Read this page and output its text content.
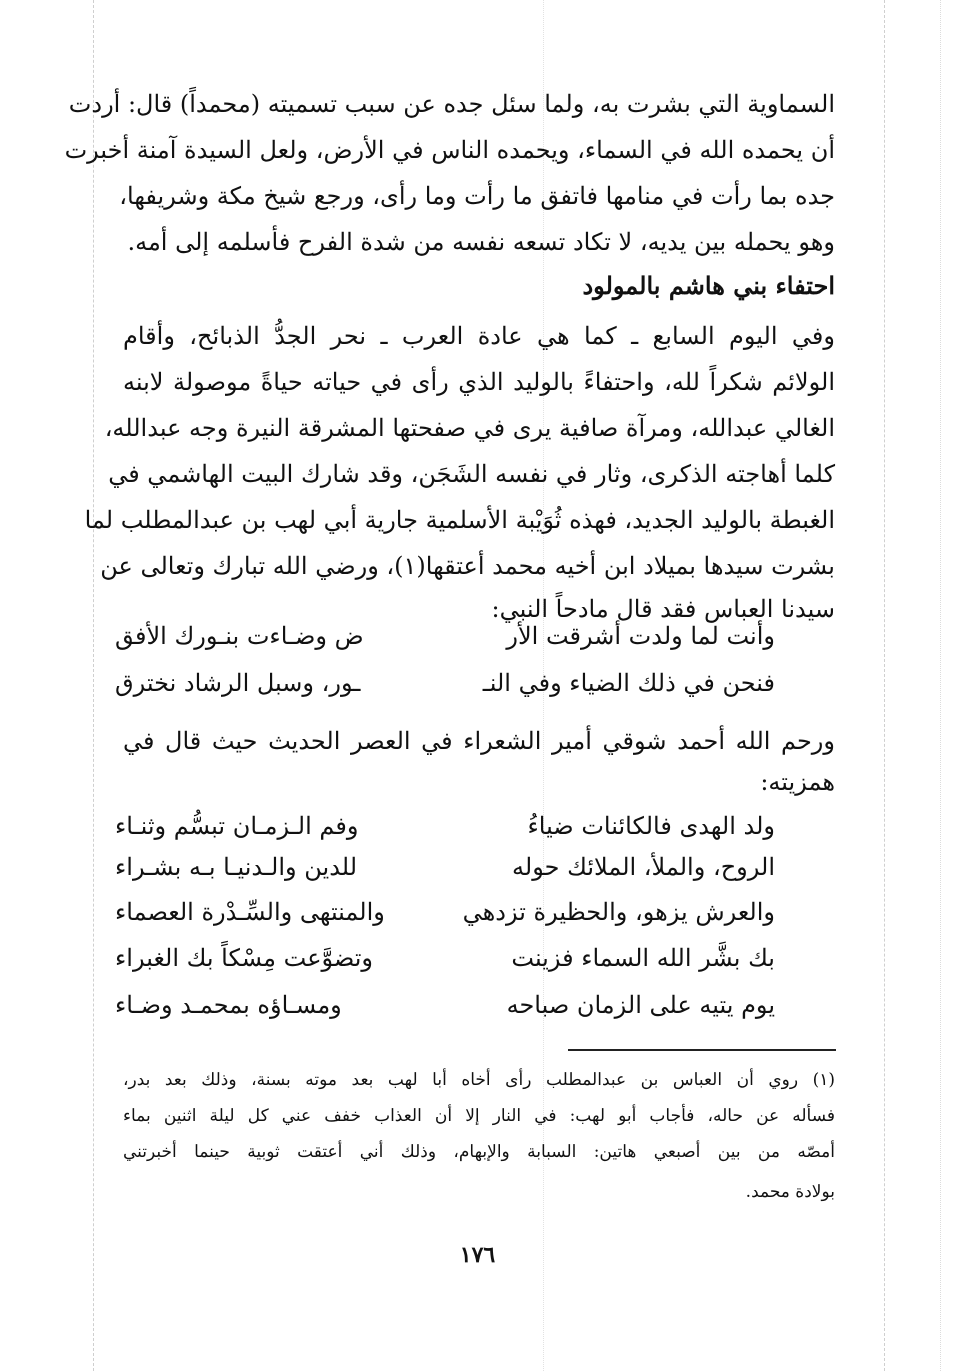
السماوية التي بشرت به، ولما سئل جده عن سبب تسميته (محمداً) قال: أردت
أن يحمده الله في السماء، ويحمده الناس في الأرض، ولعل السيدة آمنة أخبرت
جده بما رأت في منامها فاتفق ما رأت وما رأى، ورجع شيخ مكة وشريفها،
وهو يحمله بين يديه، لا تكاد تسعه نفسه من شدة الفرح فأسلمه إلى أمه.
احتفاء بني هاشم بالمولود
وفي اليوم السابع ـ كما هي عادة العرب ـ نحر الجدُّ الذبائح، وأقام
الولائم شكراً لله، واحتفاءً بالوليد الذي رأى في حياته حياةً موصولة لابنه
الغالي عبدالله، ومرآة صافية يرى في صفحتها المشرقة النيرة وجه عبدالله،
كلما أهاجته الذكرى، وثار في نفسه الشَجَن، وقد شارك البيت الهاشمي في
الغبطة بالوليد الجديد، فهذه ثُوَيْبة الأسلمية جارية أبي لهب بن عبدالمطلب لما
بشرت سيدها بميلاد ابن أخيه محمد أعتقها(١)، ورضي الله تبارك وتعالى عن
سيدنا العباس فقد قال مادحاً النبي:
وأنت لما ولدت أشرقت الأر
ض وضـاءت بنـورك الأفق
فنحن في ذلك الضياء وفي النـ
ـور، وسبل الرشاد نخترق
ورحم الله أحمد شوقي أمير الشعراء في العصر الحديث حيث قال في
همزيته:
ولد الهدى فالكائنات ضياءُ
وفم الـزمـان تبسُّم وثنـاء
الروح، والملأ، الملائك حوله
للدين والـدنيـا بـه بشـراء
والعرش يزهو، والحظيرة تزدهي
والمنتهى والسِّـدْرة العصماء
بك بشَّر الله السماء فزينت
وتضوَّعت مِسْكاً بك الغبراء
يوم يتيه على الزمان صباحه
ومسـاؤه بمحمـد وضـاء
(١) روي أن العباس بن عبدالمطلب رأى أخاه أبا لهب بعد موته بسنة، وذلك بعد بدر،
فسأله عن حاله، فأجاب أبو لهب: في النار إلا أن العذاب خفف عني كل ليلة اثنين بماء
أمصّه من بين أصبعي هاتين: السبابة والإبهام، وذلك أني أعتقت ثوبية حينما أخبرتني
بولادة محمد.
١٧٦
